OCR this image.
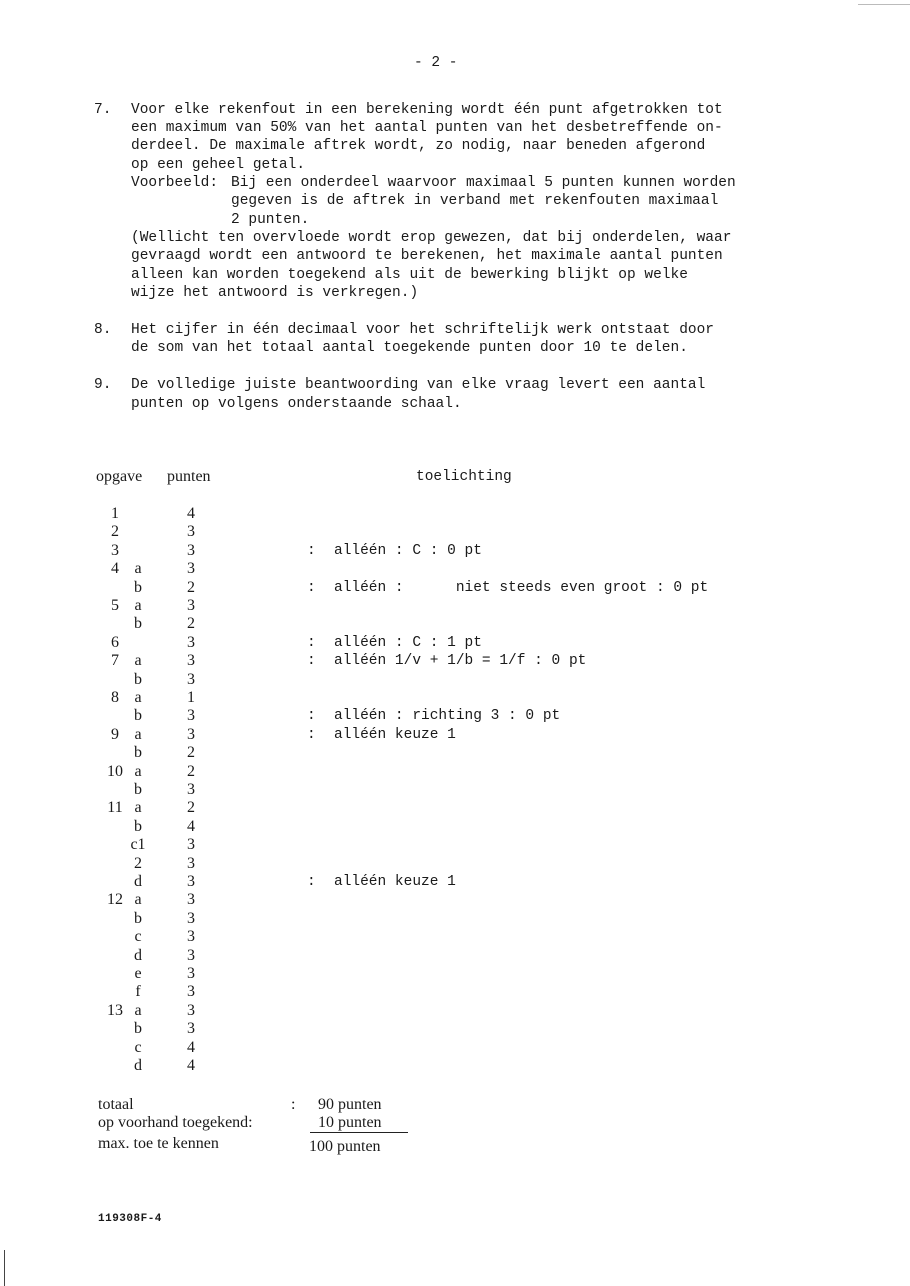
- 2 -
7. Voor elke rekenfout in een berekening wordt één punt afgetrokken tot
een maximum van 50% van het aantal punten van het desbetreffende on-
derdeel. De maximale aftrek wordt, zo nodig, naar beneden afgerond
op een geheel getal.
Voorbeeld: Bij een onderdeel waarvoor maximaal 5 punten kunnen worden
gegeven is de aftrek in verband met rekenfouten maximaal
2 punten.
(Wellicht ten overvloede wordt erop gewezen, dat bij onderdelen, waar
gevraagd wordt een antwoord te berekenen, het maximale aantal punten
alleen kan worden toegekend als uit de bewerking blijkt op welke
wijze het antwoord is verkregen.)
8. Het cijfer in één decimaal voor het schriftelijk werk ontstaat door
de som van het totaal aantal toegekende punten door 10 te delen.
9. De volledige juiste beantwoording van elke vraag levert een aantal
punten op volgens onderstaande schaal.
opgave punten	toelichting
1	4
2	3
3	3	: alléén : C : 0 pt
4 a	3
b	2	: alléén :      niet steeds even groot : 0 pt
5 a	3
b	2
6	3	: alléén : C : 1 pt
7 a	3	: alléén 1/v + 1/b = 1/f : 0 pt
b	3
8 a	1
b	3	: alléén : richting 3 : 0 pt
9 a	3	: alléén keuze 1
b	2
10 a	2
b	3
11 a	2
b	4
c1	3
2	3
d	3	: alléén keuze 1
12 a	3
b	3
c	3
d	3
e	3
f	3
13 a	3
b	3
c	4
d	4
totaal	: 90 punten
op voorhand toegekend:	10 punten
max. toe te kennen	100 punten
119308F-4
